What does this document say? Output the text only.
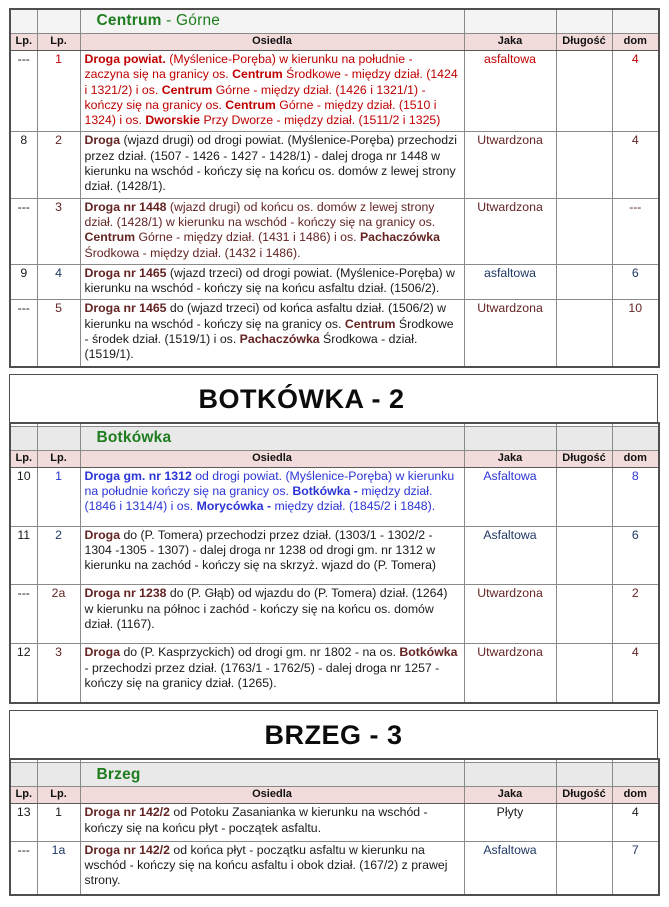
		Centrum - Górne			
Lp.	Lp.	Osiedla	Jaka	Długość	dom
---	1	Droga powiat. (Myślenice-Poręba) w kierunku na południe - zaczyna się na granicy os. Centrum Środkowe - między dział. (1424 i 1321/2) i os. Centrum Górne - między dział. (1426 i 1321/1) - kończy się na granicy os. Centrum Górne - między dział. (1510 i 1324) i os. Dworskie Przy Dworze - między dział. (1511/2 i 1325)	asfaltowa		4
8	2	Droga (wjazd drugi) od drogi powiat. (Myślenice-Poręba) przechodzi przez dział. (1507 - 1426 - 1427 - 1428/1) - dalej droga nr 1448 w kierunku na wschód - kończy się na końcu os. domów z lewej strony dział. (1428/1).	Utwardzona		4
---	3	Droga nr 1448 (wjazd drugi) od końcu os. domów z lewej strony dział. (1428/1) w kierunku na wschód - kończy się na granicy os. Centrum Górne - między dział. (1431 i 1486) i os. Pachaczówka Środkowa - między dział. (1432 i 1486).	Utwardzona		---
9	4	Droga nr 1465 (wjazd trzeci) od drogi powiat. (Myślenice-Poręba) w kierunku na wschód - kończy się na końcu asfaltu dział. (1506/2).	asfaltowa		6
---	5	Droga nr 1465 do (wjazd trzeci) od końca asfaltu dział. (1506/2) w kierunku na wschód - kończy się na granicy os. Centrum Środkowe - środek dział. (1519/1) i os. Pachaczówka Środkowa - dział. (1519/1).	Utwardzona		10
BOTKÓWKA - 2

		Botkówka			
Lp.	Lp.	Osiedla	Jaka	Długość	dom
10	1	Droga gm. nr 1312 od drogi powiat. (Myślenice-Poręba) w kierunku na południe kończy się na granicy os. Botkówka - między dział. (1846 i 1314/4) i os. Morycówka - między dział. (1845/2 i 1848).	Asfaltowa		8
11	2	Droga do (P. Tomera) przechodzi przez dział. (1303/1 - 1302/2 - 1304 -1305 - 1307) - dalej droga nr 1238 od drogi gm. nr 1312 w kierunku na zachód - kończy się na skrzyż. wjazd do (P. Tomera)	Asfaltowa		6
---	2a	Droga nr 1238 do (P. Głąb) od wjazdu do (P. Tomera) dział. (1264) w kierunku na północ i zachód - kończy się na końcu os. domów dział. (1167).	Utwardzona		2
12	3	Droga do (P. Kasprzyckich) od drogi gm. nr 1802 - na os. Botkówka - przechodzi przez dział. (1763/1 - 1762/5) - dalej droga nr 1257 - kończy się na granicy dział. (1265).	Utwardzona		4
BRZEG - 3

		Brzeg			
Lp.	Lp.	Osiedla	Jaka	Długość	dom
13	1	Droga nr 142/2 od Potoku Zasanianka w kierunku na wschód - kończy się na końcu płyt - początek asfaltu.	Płyty		4
---	1a	Droga nr 142/2 od końca płyt - początku asfaltu w kierunku na wschód - kończy się na końcu asfaltu i obok dział. (167/2) z prawej strony.	Asfaltowa		7
